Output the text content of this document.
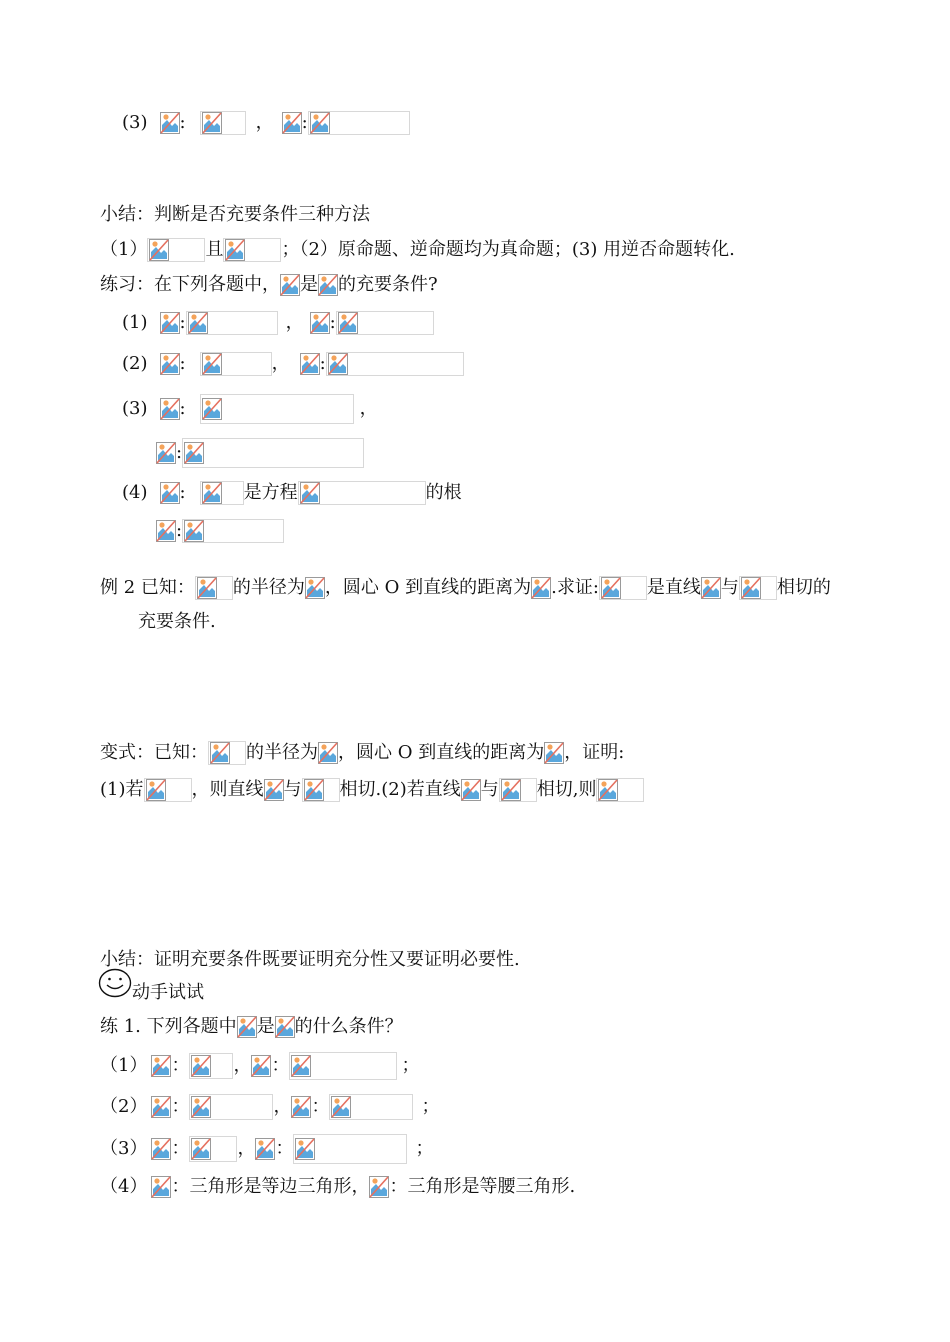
(3) :	， :
小结：判断是否充要条件三种方法
（1）	且	；（2）原命题、逆命题均为真命题；(3) 用逆否命题转化.
练习：在下列各题中， 是 的充要条件?
(1) :	， :
(2) :	， :
(3) :	，
:
(4) :	是方程	的根
:
例 2 已知： 的半径为 ，圆心 O 到直线的距离为 .求证:	是直线 与 相切的
充要条件.
变式：已知： 的半径为 ，圆心 O 到直线的距离为 ，证明:
(1)若	，则直线 与 相切.(2)若直线 与 相切,则
小结：证明充要条件既要证明充分性又要证明必要性.
动手试试
练 1. 下列各题中 是 的什么条件？
（1） ： ， ：	；
（2） ：	， ：	；
（3） ：	， ：	；
（4） ： 三角形是等边三角形， ： 三角形是等腰三角形.
